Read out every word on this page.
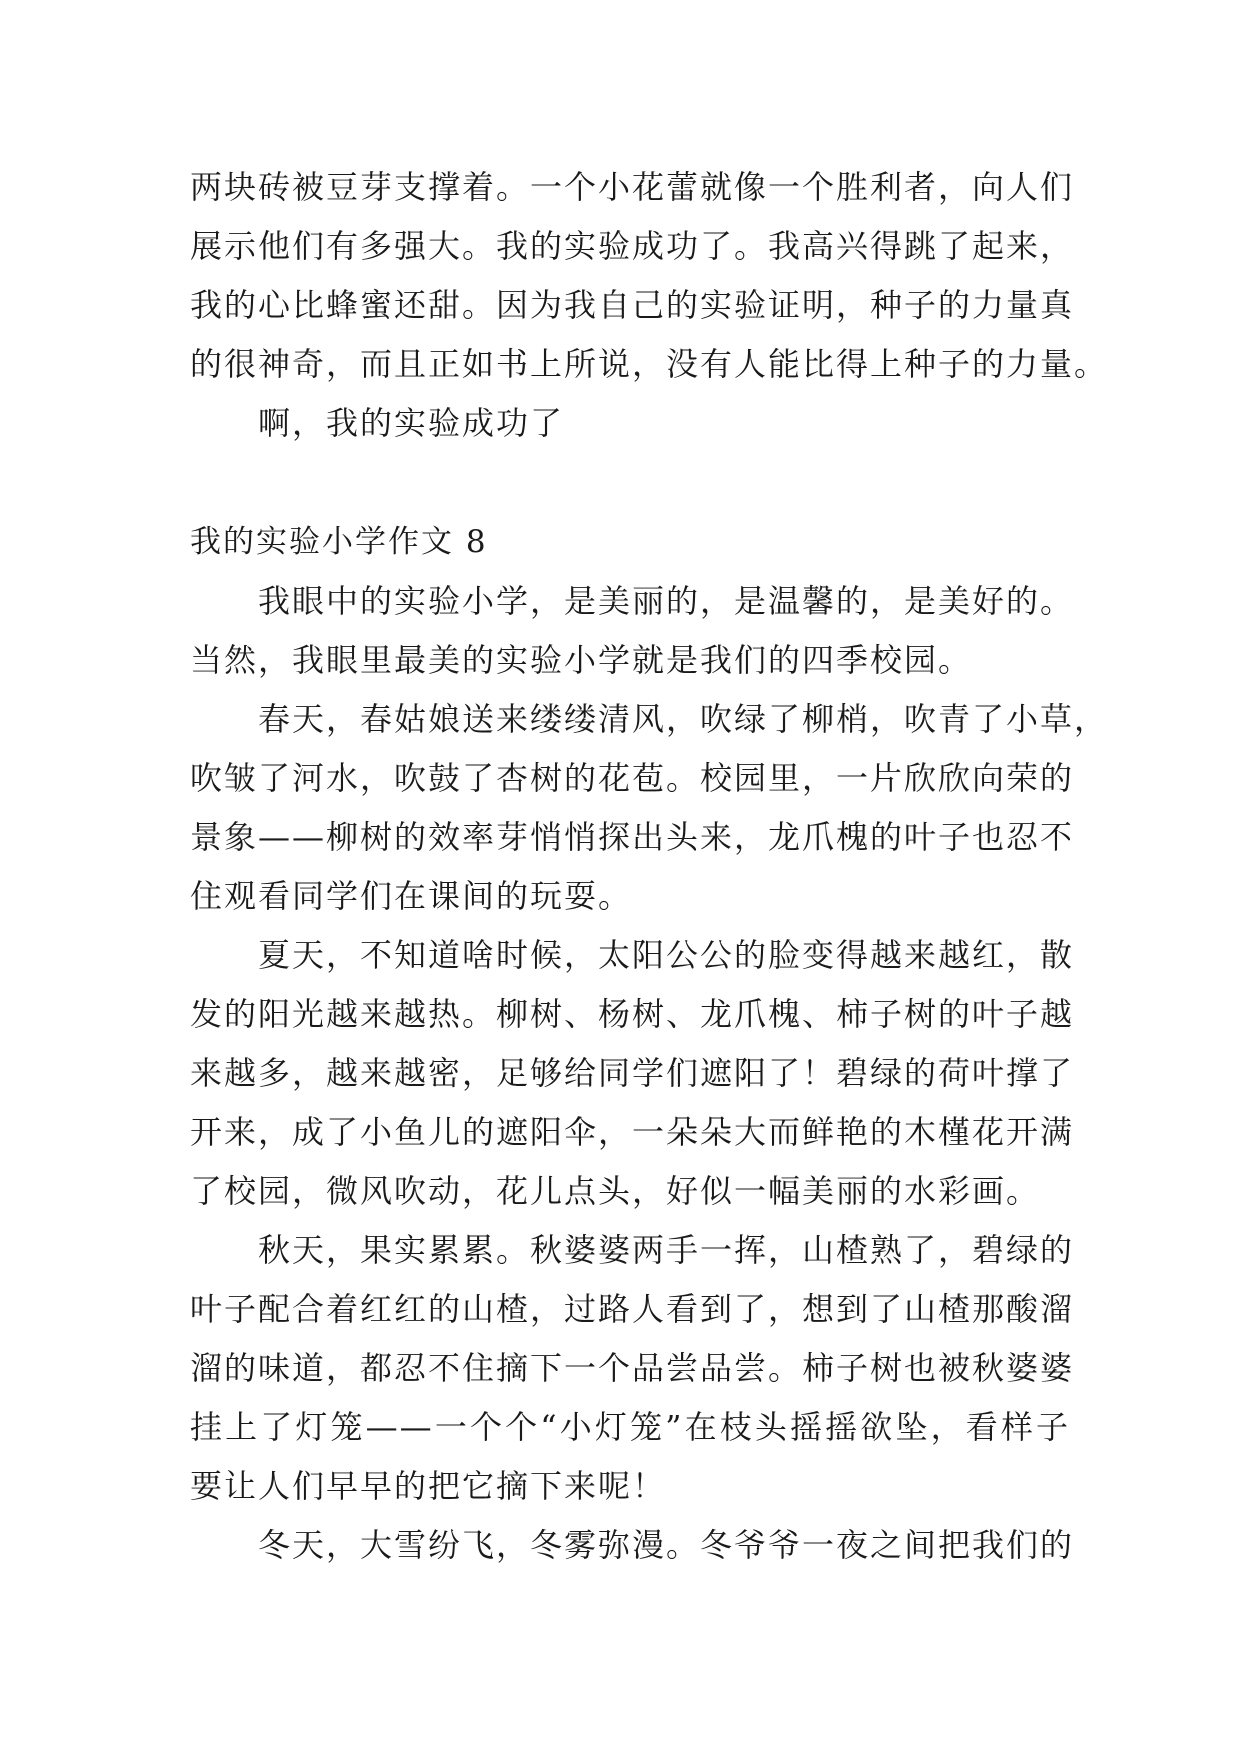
两块砖被豆芽支撑着。一个小花蕾就像一个胜利者，向人们
展示他们有多强大。我的实验成功了。我高兴得跳了起来，
我的心比蜂蜜还甜。因为我自己的实验证明，种子的力量真
的很神奇，而且正如书上所说，没有人能比得上种子的力量。
啊，我的实验成功了
我的实验小学作文 8
我眼中的实验小学，是美丽的，是温馨的，是美好的。
当然，我眼里最美的实验小学就是我们的四季校园。
春天，春姑娘送来缕缕清风，吹绿了柳梢，吹青了小草，
吹皱了河水，吹鼓了杏树的花苞。校园里，一片欣欣向荣的
景象——柳树的效率芽悄悄探出头来，龙爪槐的叶子也忍不
住观看同学们在课间的玩耍。
夏天，不知道啥时候，太阳公公的脸变得越来越红，散
发的阳光越来越热。柳树、杨树、龙爪槐、柿子树的叶子越
来越多，越来越密，足够给同学们遮阳了！碧绿的荷叶撑了
开来，成了小鱼儿的遮阳伞，一朵朵大而鲜艳的木槿花开满
了校园，微风吹动，花儿点头，好似一幅美丽的水彩画。
秋天，果实累累。秋婆婆两手一挥，山楂熟了，碧绿的
叶子配合着红红的山楂，过路人看到了，想到了山楂那酸溜
溜的味道，都忍不住摘下一个品尝品尝。柿子树也被秋婆婆
挂上了灯笼——一个个“小灯笼”在枝头摇摇欲坠，看样子
要让人们早早的把它摘下来呢！
冬天，大雪纷飞，冬雾弥漫。冬爷爷一夜之间把我们的
